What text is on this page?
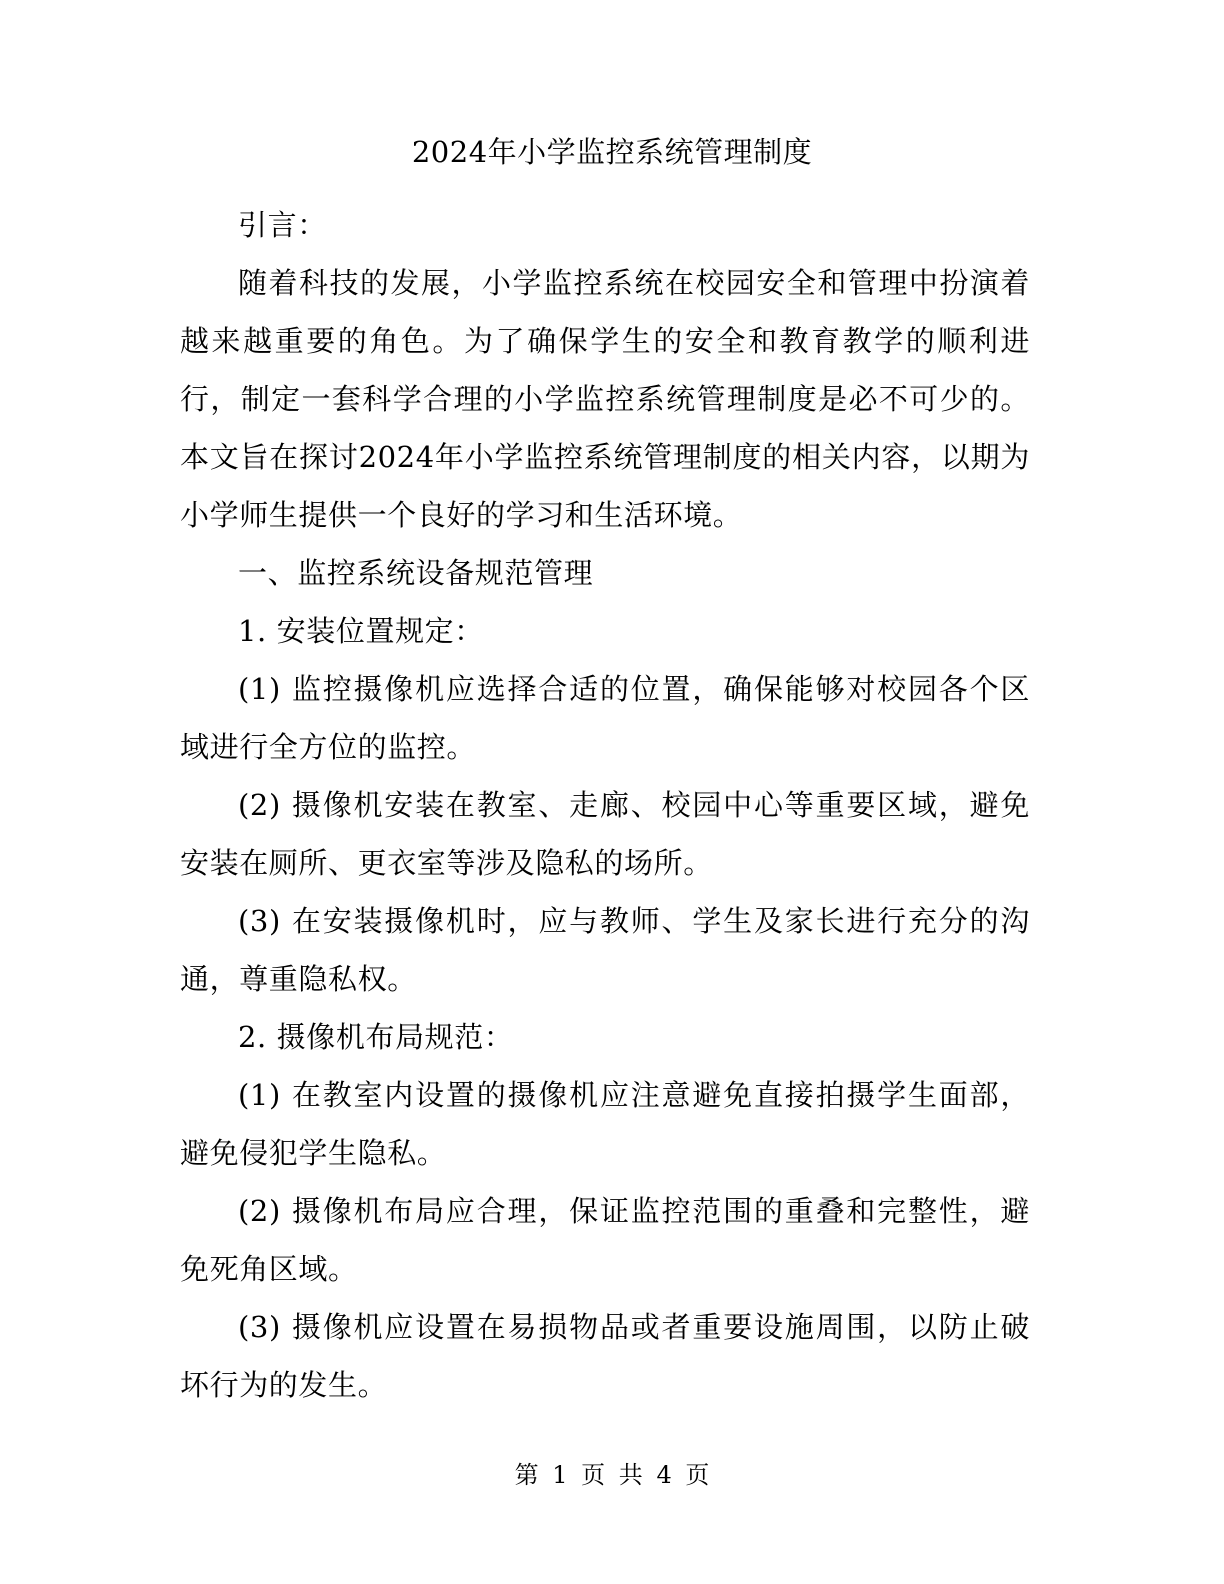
2024年小学监控系统管理制度

引言：

随着科技的发展，小学监控系统在校园安全和管理中扮演着越来越重要的角色。为了确保学生的安全和教育教学的顺利进行，制定一套科学合理的小学监控系统管理制度是必不可少的。本文旨在探讨2024年小学监控系统管理制度的相关内容，以期为小学师生提供一个良好的学习和生活环境。

一、监控系统设备规范管理

1. 安装位置规定：

(1) 监控摄像机应选择合适的位置，确保能够对校园各个区域进行全方位的监控。

(2) 摄像机安装在教室、走廊、校园中心等重要区域，避免安装在厕所、更衣室等涉及隐私的场所。

(3) 在安装摄像机时，应与教师、学生及家长进行充分的沟通，尊重隐私权。

2. 摄像机布局规范：

(1) 在教室内设置的摄像机应注意避免直接拍摄学生面部，避免侵犯学生隐私。

(2) 摄像机布局应合理，保证监控范围的重叠和完整性，避免死角区域。

(3) 摄像机应设置在易损物品或者重要设施周围，以防止破坏行为的发生。

第 1 页 共 4 页
